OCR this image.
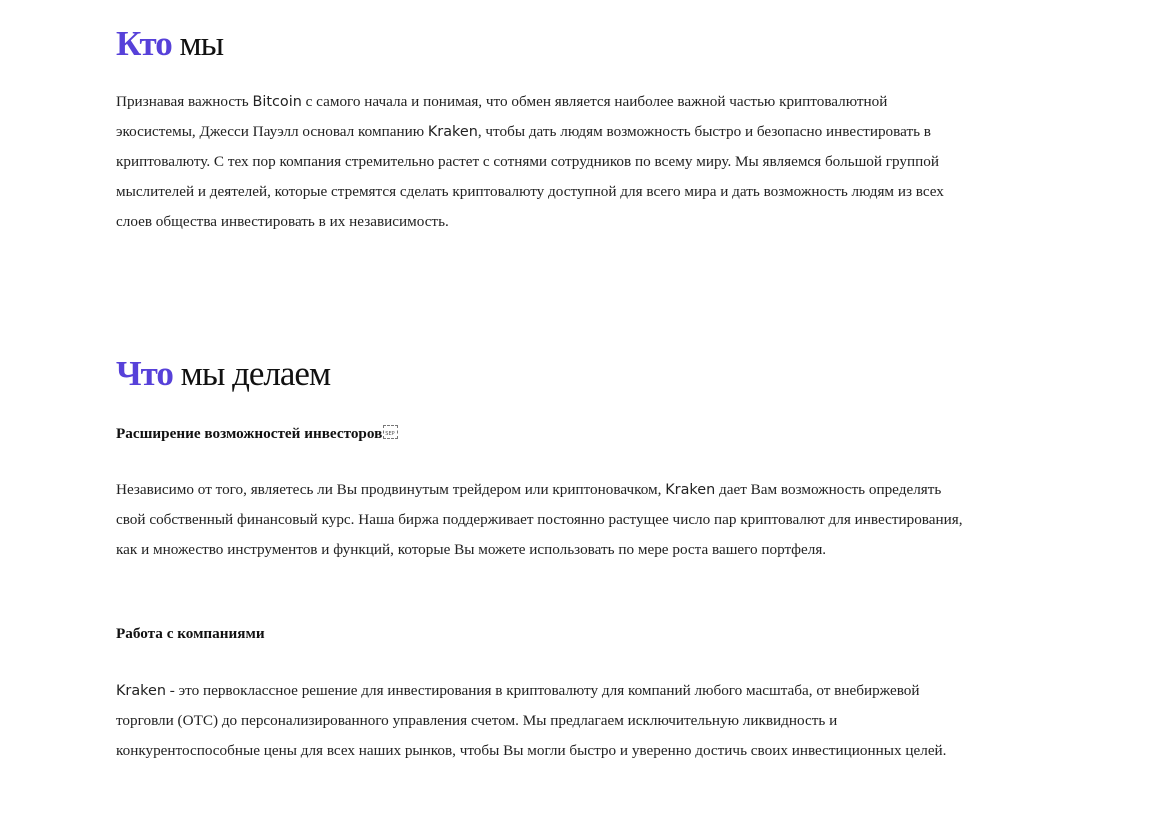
Кто мы

Признавая важность Bitcoin с самого начала и понимая, что обмен является наиболее важной частью криптовалютной экосистемы, Джесси Пауэлл основал компанию Kraken, чтобы дать людям возможность быстро и безопасно инвестировать в криптовалюту. С тех пор компания стремительно растет с сотнями сотрудников по всему миру. Мы являемся большой группой мыслителей и деятелей, которые стремятся сделать криптовалюту доступной для всего мира и дать возможность людям из всех слоев общества инвестировать в их независимость.

Что мы делаем
Расширение возможностей инвесторовSEP

Независимо от того, являетесь ли Вы продвинутым трейдером или криптоновачком, Kraken дает Вам возможность определять свой собственный финансовый курс. Наша биржа поддерживает постоянно растущее число пар криптовалют для инвестирования, как и множество инструментов и функций, которые Вы можете использовать по мере роста вашего портфеля.

Работа с компаниями

Kraken - это первоклассное решение для инвестирования в криптовалюту для компаний любого масштаба, от внебиржевой торговли (OTC) до персонализированного управления счетом. Мы предлагаем исключительную ликвидность и конкурентоспособные цены для всех наших рынков, чтобы Вы могли быстро и уверенно достичь своих инвестиционных целей.
